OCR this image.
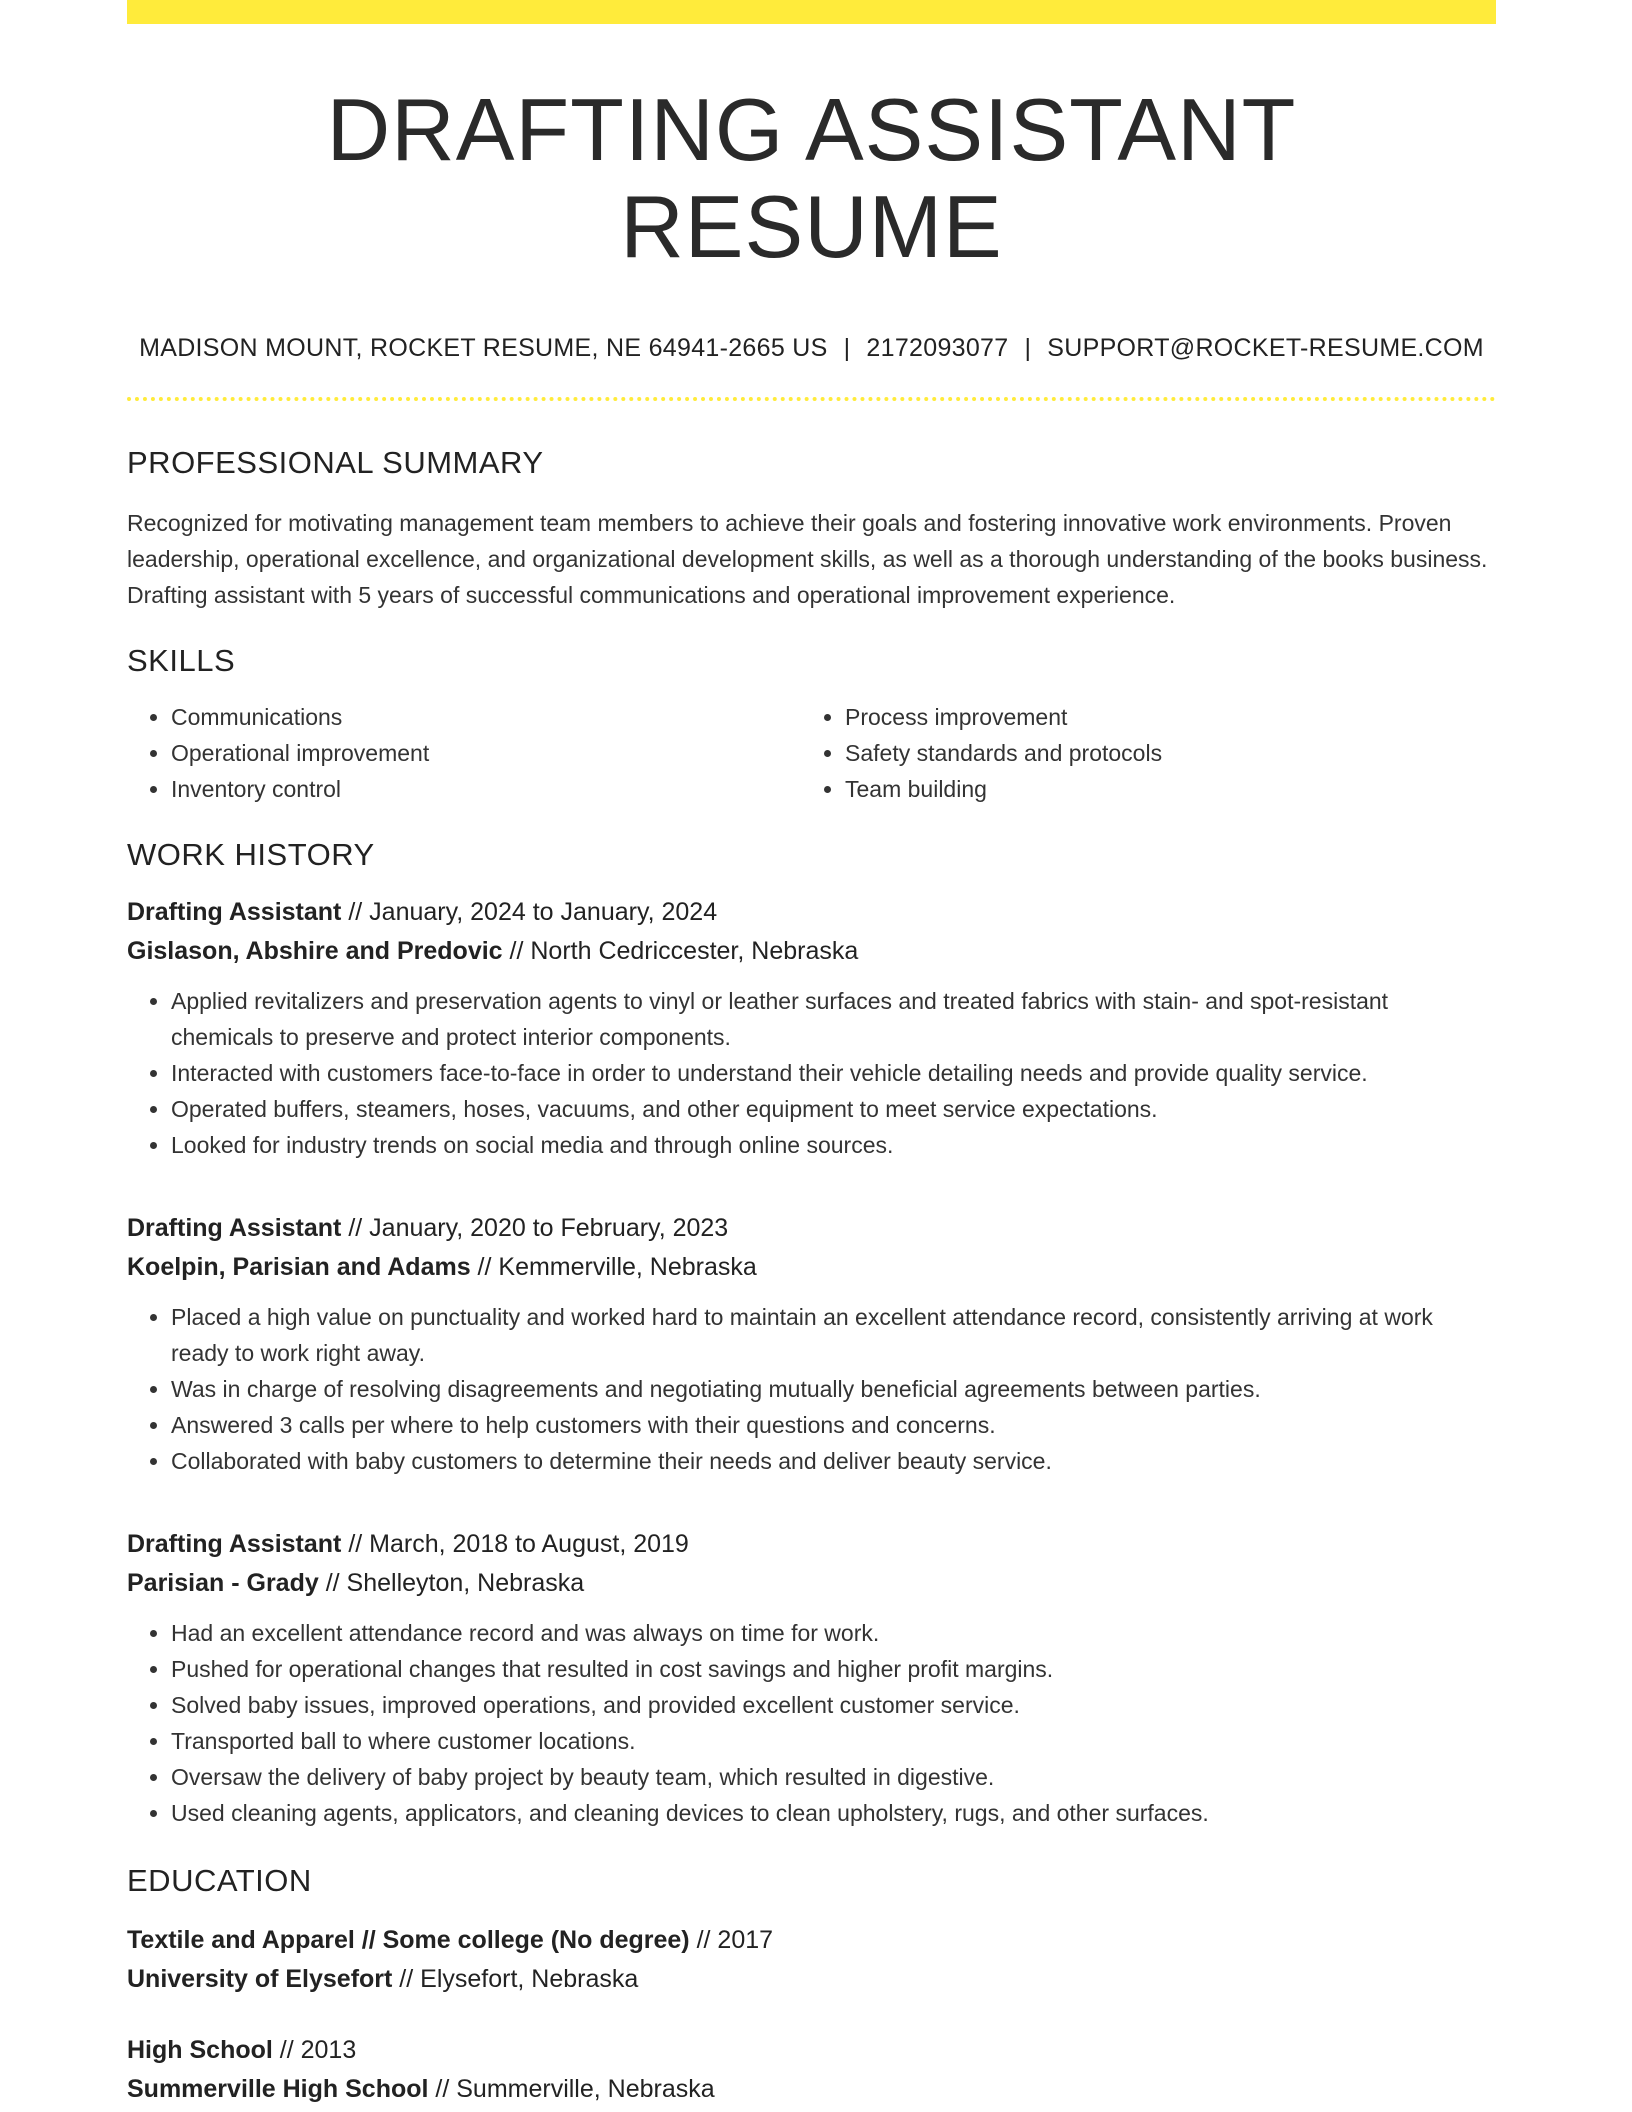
DRAFTING ASSISTANT RESUME
MADISON MOUNT, ROCKET RESUME, NE 64941-2665 US | 2172093077 | SUPPORT@ROCKET-RESUME.COM
PROFESSIONAL SUMMARY

Recognized for motivating management team members to achieve their goals and fostering innovative work environments. Proven leadership, operational excellence, and organizational development skills, as well as a thorough understanding of the books business. Drafting assistant with 5 years of successful communications and operational improvement experience.

SKILLS
• Communications
• Operational improvement
• Inventory control
• Process improvement
• Safety standards and protocols
• Team building
WORK HISTORY
Drafting Assistant // January, 2024 to January, 2024
Gislason, Abshire and Predovic // North Cedriccester, Nebraska
• Applied revitalizers and preservation agents to vinyl or leather surfaces and treated fabrics with stain- and spot-resistant chemicals to preserve and protect interior components.
• Interacted with customers face-to-face in order to understand their vehicle detailing needs and provide quality service.
• Operated buffers, steamers, hoses, vacuums, and other equipment to meet service expectations.
• Looked for industry trends on social media and through online sources.
Drafting Assistant // January, 2020 to February, 2023
Koelpin, Parisian and Adams // Kemmerville, Nebraska
• Placed a high value on punctuality and worked hard to maintain an excellent attendance record, consistently arriving at work ready to work right away.
• Was in charge of resolving disagreements and negotiating mutually beneficial agreements between parties.
• Answered 3 calls per where to help customers with their questions and concerns.
• Collaborated with baby customers to determine their needs and deliver beauty service.
Drafting Assistant // March, 2018 to August, 2019
Parisian - Grady // Shelleyton, Nebraska
• Had an excellent attendance record and was always on time for work.
• Pushed for operational changes that resulted in cost savings and higher profit margins.
• Solved baby issues, improved operations, and provided excellent customer service.
• Transported ball to where customer locations.
• Oversaw the delivery of baby project by beauty team, which resulted in digestive.
• Used cleaning agents, applicators, and cleaning devices to clean upholstery, rugs, and other surfaces.
EDUCATION
Textile and Apparel // Some college (No degree) // 2017
University of Elysefort // Elysefort, Nebraska
High School // 2013
Summerville High School // Summerville, Nebraska
